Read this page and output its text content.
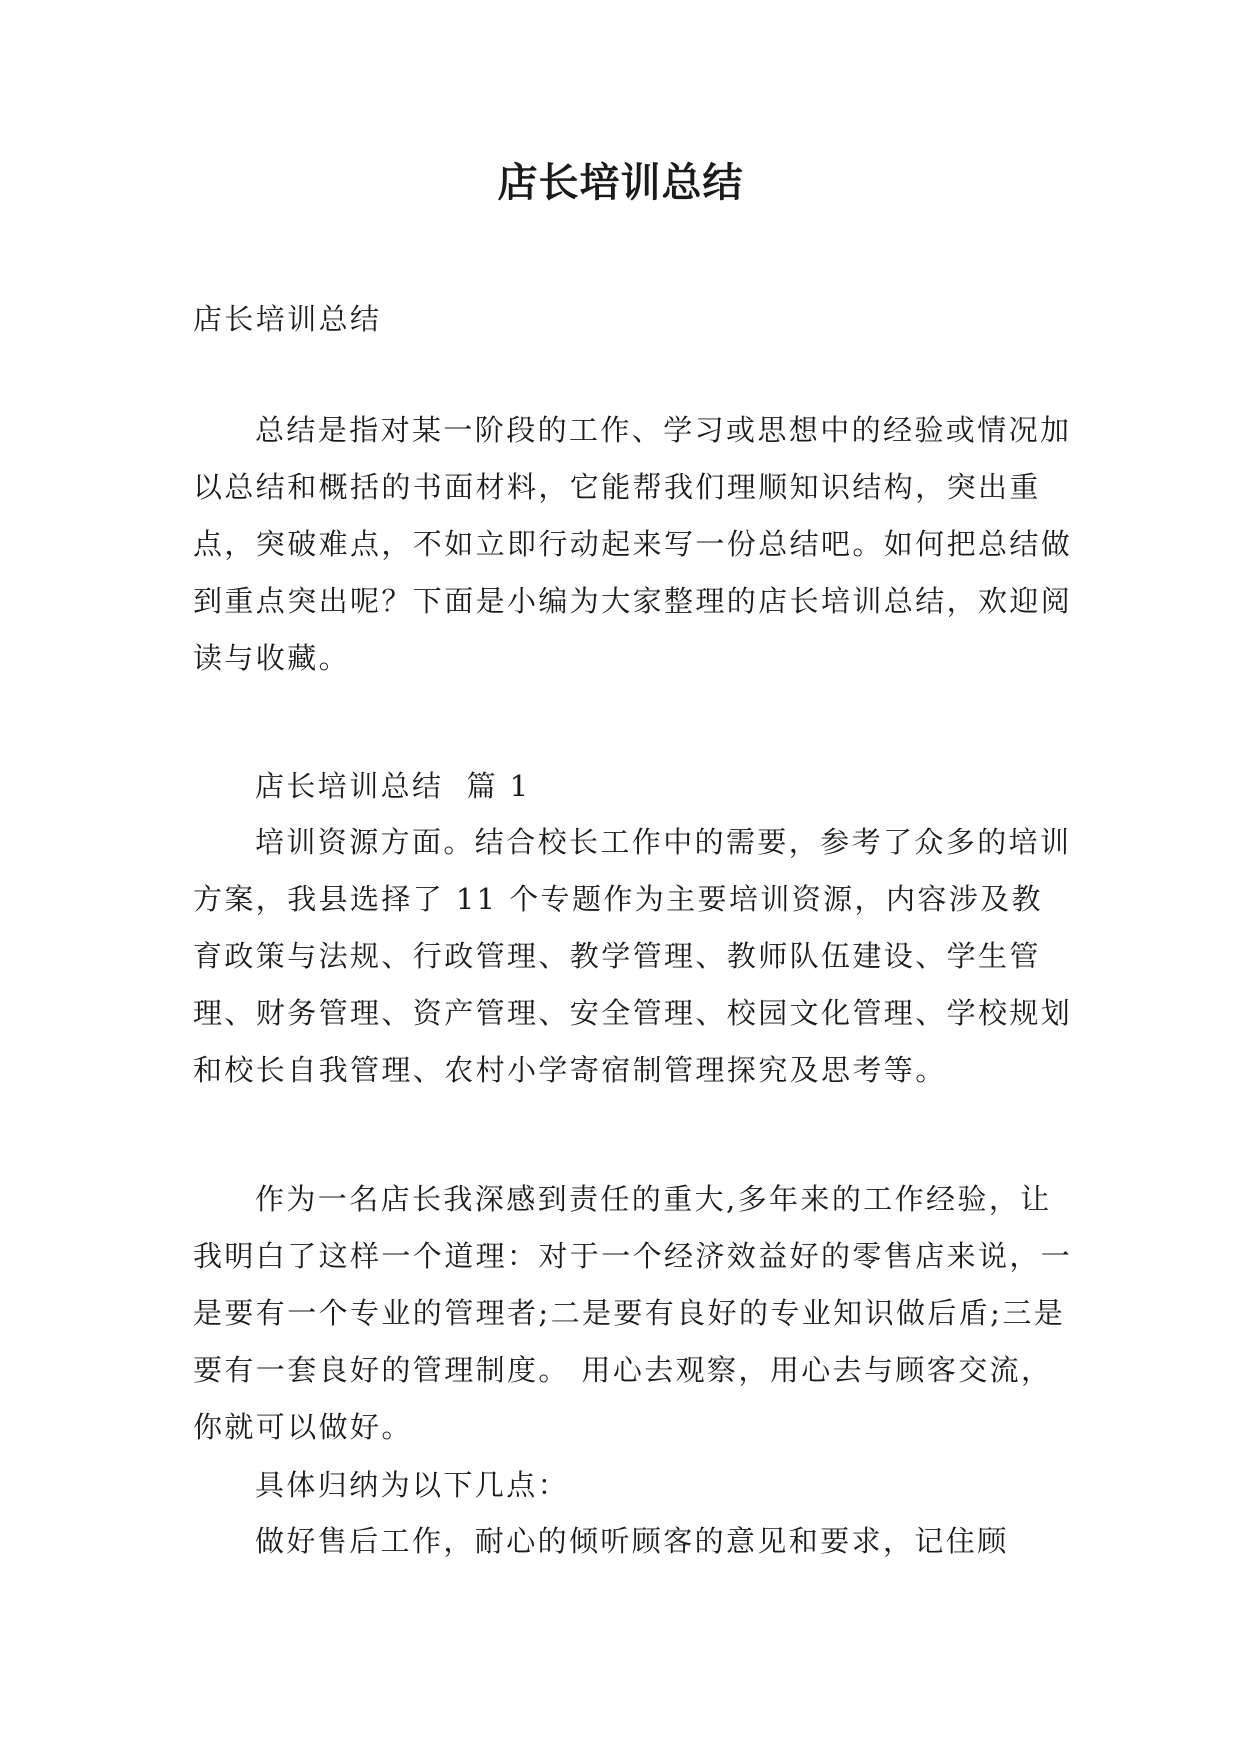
店长培训总结

店长培训总结

总结是指对某一阶段的工作、学习或思想中的经验或情况加以总结和概括的书面材料，它能帮我们理顺知识结构，突出重点，突破难点，不如立即行动起来写一份总结吧。如何把总结做到重点突出呢？下面是小编为大家整理的店长培训总结，欢迎阅读与收藏。

店长培训总结  篇 1

培训资源方面。结合校长工作中的需要，参考了众多的培训方案，我县选择了 11 个专题作为主要培训资源，内容涉及教育政策与法规、行政管理、教学管理、教师队伍建设、学生管理、财务管理、资产管理、安全管理、校园文化管理、学校规划和校长自我管理、农村小学寄宿制管理探究及思考等。

作为一名店长我深感到责任的重大,多年来的工作经验，让我明白了这样一个道理：对于一个经济效益好的零售店来说，一是要有一个专业的管理者;二是要有良好的专业知识做后盾;三是要有一套良好的管理制度。 用心去观察，用心去与顾客交流，你就可以做好。

具体归纳为以下几点：

做好售后工作，耐心的倾听顾客的意见和要求，记住顾
